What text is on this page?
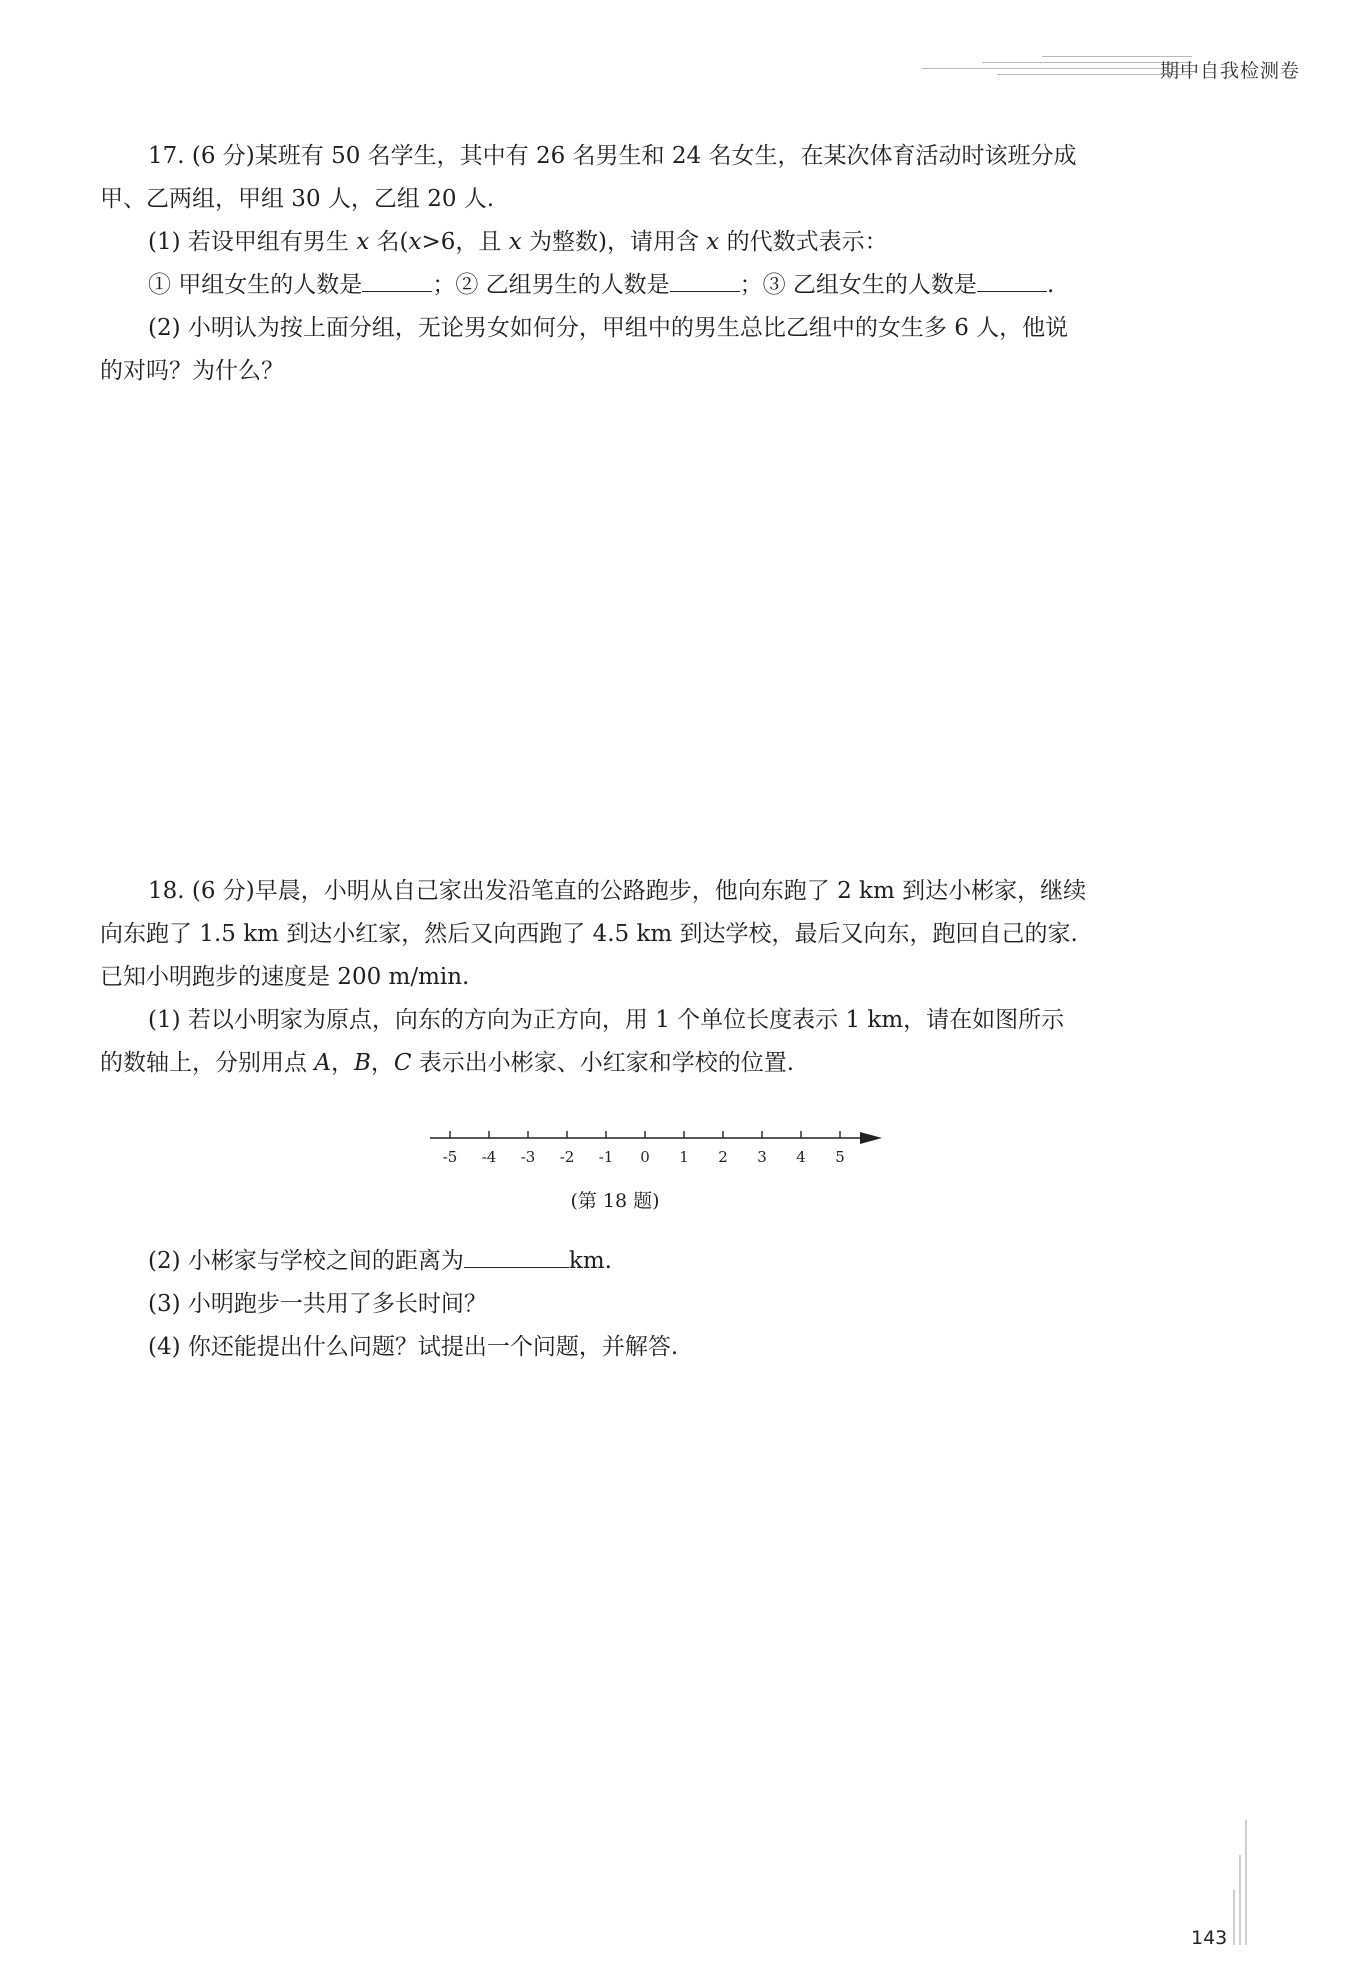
期中自我检测卷

17. (6 分)某班有 50 名学生，其中有 26 名男生和 24 名女生，在某次体育活动时该班分成

甲、乙两组，甲组 30 人，乙组 20 人.

(1) 若设甲组有男生 x 名(x>6，且 x 为整数)，请用含 x 的代数式表示：

① 甲组女生的人数是	；② 乙组男生的人数是	；③ 乙组女生的人数是	.

(2) 小明认为按上面分组，无论男女如何分，甲组中的男生总比乙组中的女生多 6 人，他说

的对吗？为什么？

18. (6 分)早晨，小明从自己家出发沿笔直的公路跑步，他向东跑了 2 km 到达小彬家，继续

向东跑了 1.5 km 到达小红家，然后又向西跑了 4.5 km 到达学校，最后又向东，跑回自己的家.

已知小明跑步的速度是 200 m/min.

(1) 若以小明家为原点，向东的方向为正方向，用 1 个单位长度表示 1 km，请在如图所示

的数轴上，分别用点 A，B，C 表示出小彬家、小红家和学校的位置.

-5 -4 -3 -2 -1 0 1 2 3 4 5
(第 18 题)

(2) 小彬家与学校之间的距离为	km.

(3) 小明跑步一共用了多长时间？

(4) 你还能提出什么问题？试提出一个问题，并解答.

143
